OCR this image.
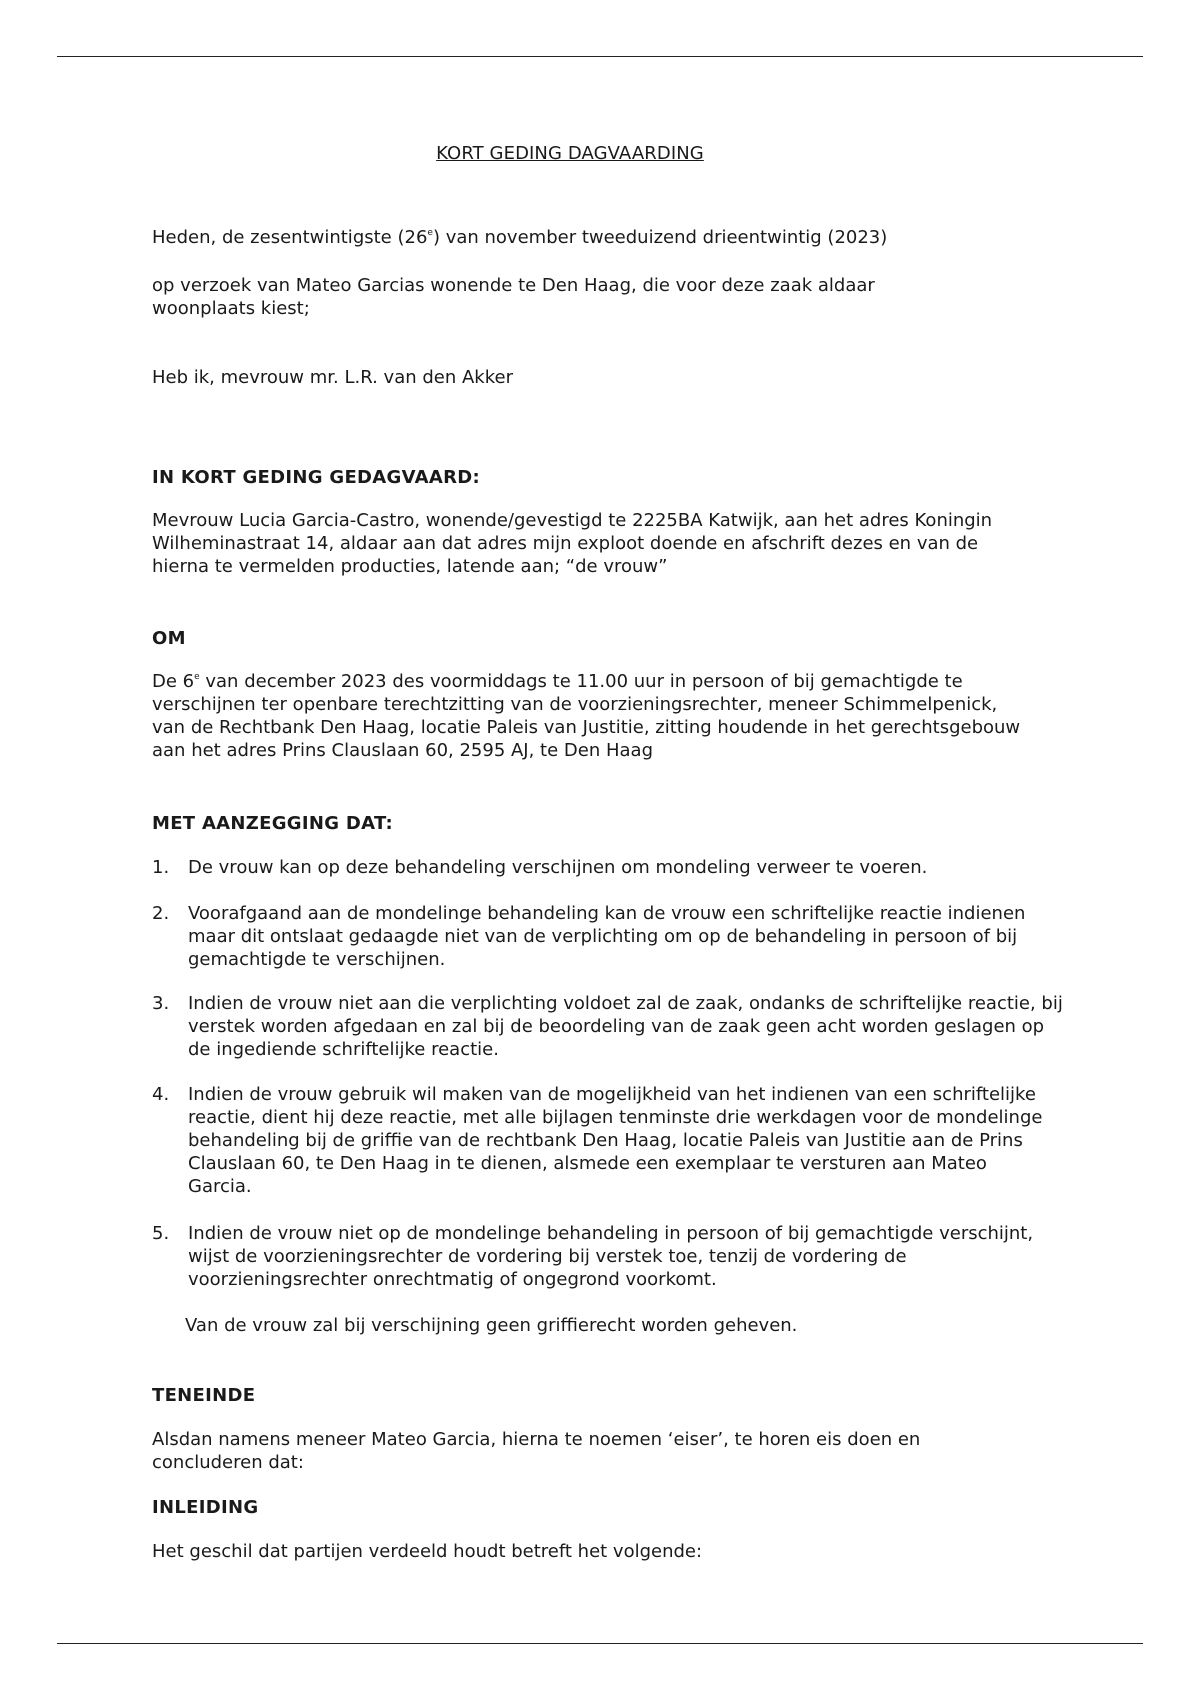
KORT GEDING DAGVAARDING

Heden, de zesentwintigste (26e) van november tweeduizend drieentwintig (2023)

op verzoek van Mateo Garcias wonende te Den Haag, die voor deze zaak aldaar woonplaats kiest;

Heb ik, mevrouw mr. L.R. van den Akker

IN KORT GEDING GEDAGVAARD:

Mevrouw Lucia Garcia-Castro, wonende/gevestigd te 2225BA Katwijk, aan het adres Koningin Wilheminastraat 14, aldaar aan dat adres mijn exploot doende en afschrift dezes en van de hierna te vermelden producties, latende aan; “de vrouw”

OM

De 6e van december 2023 des voormiddags te 11.00 uur in persoon of bij gemachtigde te verschijnen ter openbare terechtzitting van de voorzieningsrechter, meneer Schimmelpenick, van de Rechtbank Den Haag, locatie Paleis van Justitie, zitting houdende in het gerechtsgebouw aan het adres Prins Clauslaan 60, 2595 AJ, te Den Haag

MET AANZEGGING DAT:

1. De vrouw kan op deze behandeling verschijnen om mondeling verweer te voeren.
2. Voorafgaand aan de mondelinge behandeling kan de vrouw een schriftelijke reactie indienen maar dit ontslaat gedaagde niet van de verplichting om op de behandeling in persoon of bij gemachtigde te verschijnen.
3. Indien de vrouw niet aan die verplichting voldoet zal de zaak, ondanks de schriftelijke reactie, bij verstek worden afgedaan en zal bij de beoordeling van de zaak geen acht worden geslagen op de ingediende schriftelijke reactie.
4. Indien de vrouw gebruik wil maken van de mogelijkheid van het indienen van een schriftelijke reactie, dient hij deze reactie, met alle bijlagen tenminste drie werkdagen voor de mondelinge behandeling bij de griffie van de rechtbank Den Haag, locatie Paleis van Justitie aan de Prins Clauslaan 60, te Den Haag in te dienen, alsmede een exemplaar te versturen aan Mateo Garcia.
5. Indien de vrouw niet op de mondelinge behandeling in persoon of bij gemachtigde verschijnt, wijst de voorzieningsrechter de vordering bij verstek toe, tenzij de vordering de voorzieningsrechter onrechtmatig of ongegrond voorkomt.

Van de vrouw zal bij verschijning geen griffierecht worden geheven.

TENEINDE

Alsdan namens meneer Mateo Garcia, hierna te noemen ‘eiser’, te horen eis doen en concluderen dat:

INLEIDING

Het geschil dat partijen verdeeld houdt betreft het volgende:
